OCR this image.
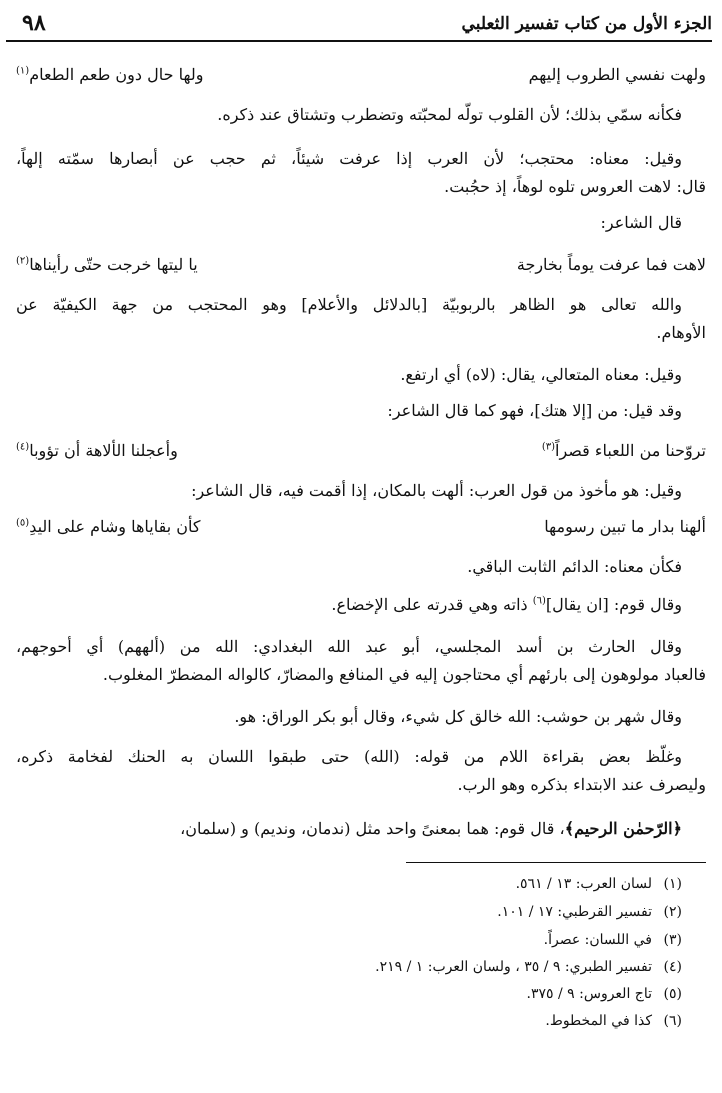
الجزء الأول من كتاب تفسير الثعلبي
٩٨
ولهت نفسي الطروب إليهم
ولها حال دون طعم الطعام$^{(١)}$
فكأنه سمّي بذلك؛ لأن القلوب تولّه لمحبّته وتضطرب وتشتاق عند ذكره.
وقيل: معناه: محتجب؛ لأن العرب إذا عرفت شيئاً، ثم حجب عن أبصارها سمّته إلهاً،
قال: لاهت العروس تلوه لوهاً، إذ حجُبت.
قال الشاعر:
لاهت فما عرفت يوماً بخارجة
يا ليتها خرجت حتّى رأيناها$^{(٢)}$
والله تعالى هو الظاهر بالربوبيّة [بالدلائل والأعلام] وهو المحتجب من جهة الكيفيّة عن
الأوهام.
وقيل: معناه المتعالي، يقال: (لاه) أي ارتفع.
وقد قيل: من [إلا هتك]، فهو كما قال الشاعر:
تروّحنا من اللعباء قصراً$^{(٣)}$
وأعجلنا الألاهة أن تؤوبا$^{(٤)}$
وقيل: هو مأخوذ من قول العرب: ألهت بالمكان، إذا أقمت فيه، قال الشاعر:
ألهنا بدار ما تبين رسومها
كأن بقاياها وشام على اليدِ$^{(٥)}$
فكأن معناه: الدائم الثابت الباقي.
وقال قوم: [ان يقال]$^{(٦)}$ ذاته وهي قدرته على الإخضاع.
وقال الحارث بن أسد المجلسي، أبو عبد الله البغدادي: الله من (ألههم) أي أحوجهم،
فالعباد مولوهون إلى بارئهم أي محتاجون إليه في المنافع والمضارّ، كالواله المضطرّ المغلوب.
وقال شهر بن حوشب: الله خالق كل شيء، وقال أبو بكر الوراق: هو.
وغلّظ بعض بقراءة اللام من قوله: (الله) حتى طبقوا اللسان به الحنك لفخامة ذكره،
وليصرف عند الابتداء بذكره وهو الرب.
﴿الرّحمٰن الرحيم﴾، قال قوم: هما بمعنىً واحد مثل (ندمان، ونديم) و (سلمان،
(١)لسان العرب: ١٣ / ٥٦١.
(٢)تفسير القرطبي: ١٧ / ١٠١.
(٣)في اللسان: عصراً.
(٤)تفسير الطبري: ٩ / ٣٥ ، ولسان العرب: ١ / ٢١٩.
(٥)تاج العروس: ٩ / ٣٧٥.
(٦)كذا في المخطوط.
